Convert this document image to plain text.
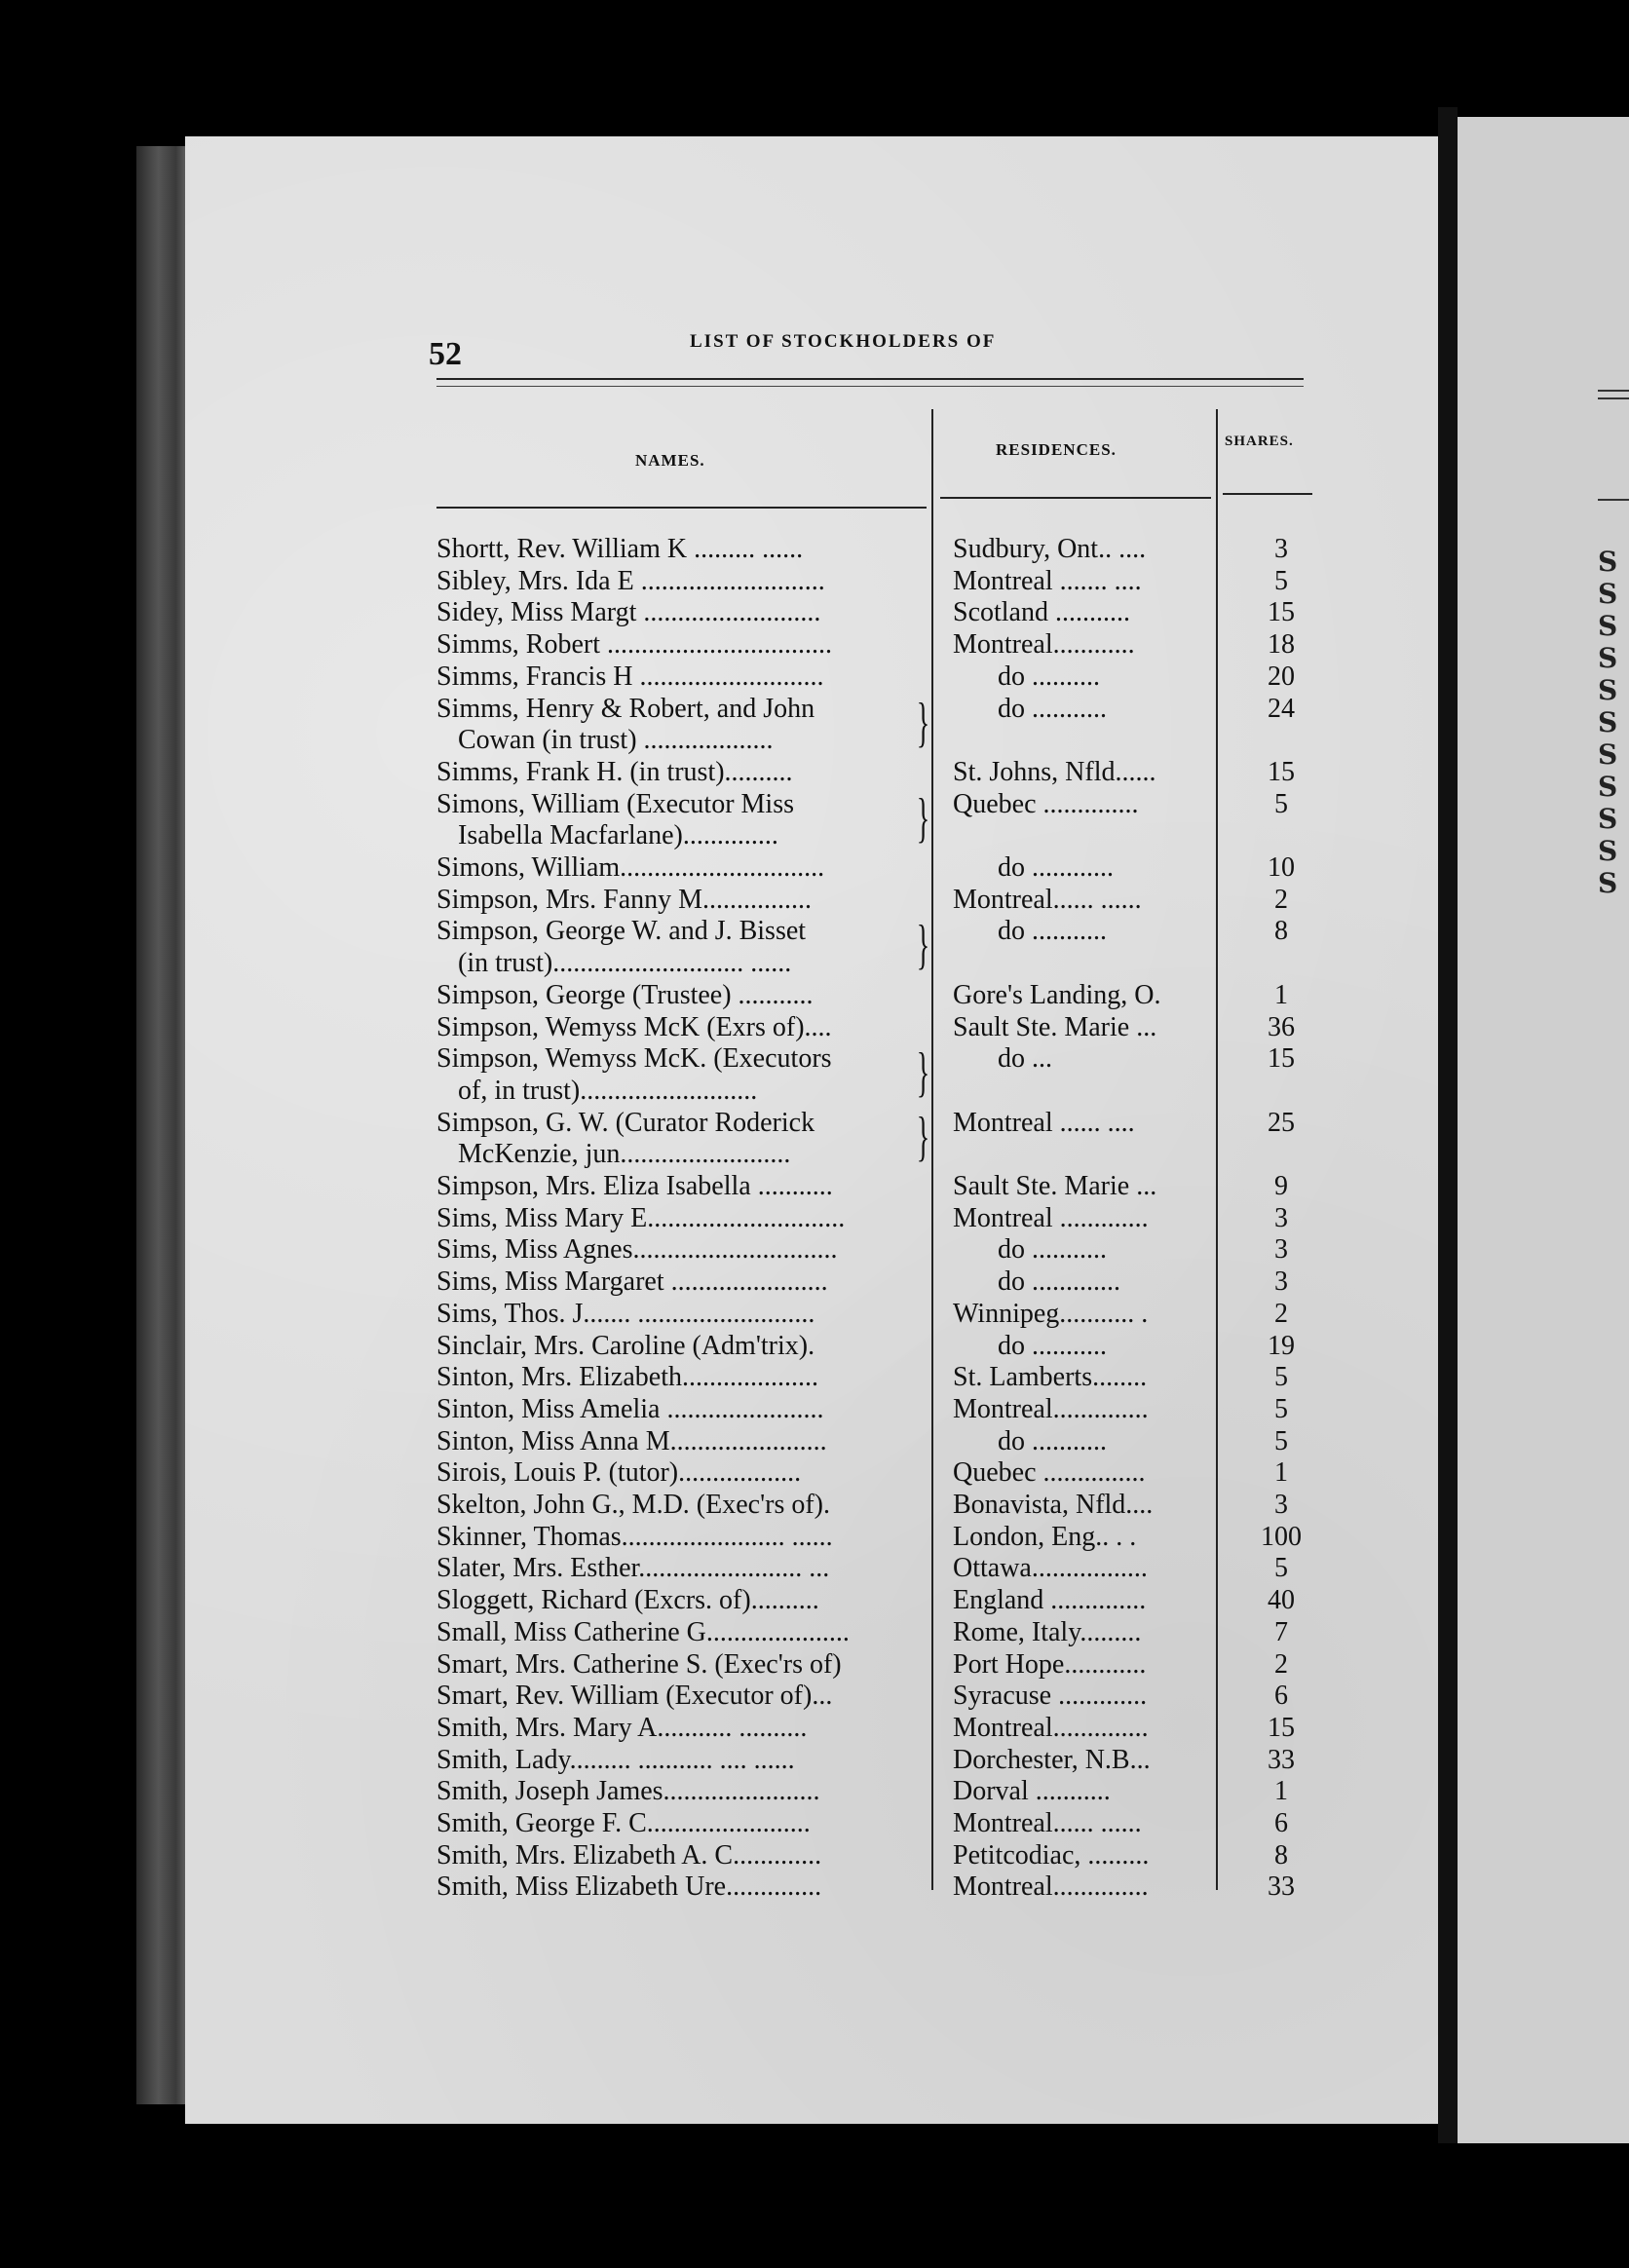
S
S
S
S
S
S
S
S
S
S
S
52	LIST OF STOCKHOLDERS OF
NAMES.
RESIDENCES.	SHARES.
Shortt, Rev. William K ......... ......	Sudbury, Ont.. ....	3
Sibley, Mrs. Ida E ...........................	Montreal ....... ....	5
Sidey, Miss Margt ..........................	Scotland ...........	15
Simms, Robert .................................	Montreal............	18
Simms, Francis H ...........................	do ..........	20
Simms, Henry & Robert, and John	do ...........	24
Cowan (in trust) ...................
Simms, Frank H. (in trust)..........	St. Johns, Nfld......	15
Simons, William (Executor Miss	Quebec ..............	5
Isabella Macfarlane)..............
Simons, William..............................	do ............	10
Simpson, Mrs. Fanny M................	Montreal...... ......	2
Simpson, George W. and J. Bisset	do ...........	8
(in trust)............................ ......
Simpson, George (Trustee) ...........	Gore's Landing, O.	1
Simpson, Wemyss McK (Exrs of)....	Sault Ste. Marie ...	36
Simpson, Wemyss McK. (Executors	do ...	15
of, in trust)..........................
Simpson, G. W. (Curator Roderick	Montreal ...... ....	25
McKenzie, jun.........................
Simpson, Mrs. Eliza Isabella ...........	Sault Ste. Marie ...	9
Sims, Miss Mary E.............................	Montreal .............	3
Sims, Miss Agnes..............................	do ...........	3
Sims, Miss Margaret .......................	do .............	3
Sims, Thos. J....... ..........................	Winnipeg........... .	2
Sinclair, Mrs. Caroline (Adm'trix).	do ...........	19
Sinton, Mrs. Elizabeth....................	St. Lamberts........	5
Sinton, Miss Amelia .......................	Montreal..............	5
Sinton, Miss Anna M.......................	do ...........	5
Sirois, Louis P. (tutor)..................	Quebec ...............	1
Skelton, John G., M.D. (Exec'rs of).	Bonavista, Nfld....	3
Skinner, Thomas........................ ......	London, Eng.. . .	100
Slater, Mrs. Esther........................ ...	Ottawa.................	5
Sloggett, Richard (Excrs. of)..........	England ..............	40
Small, Miss Catherine G.....................	Rome, Italy.........	7
Smart, Mrs. Catherine S. (Exec'rs of)	Port Hope............	2
Smart, Rev. William (Executor of)...	Syracuse .............	6
Smith, Mrs. Mary A........... ..........	Montreal..............	15
Smith, Lady......... ........... .... ......	Dorchester, N.B...	33
Smith, Joseph James.......................	Dorval ...........	1
Smith, George F. C........................	Montreal...... ......	6
Smith, Mrs. Elizabeth A. C.............	Petitcodiac, .........	8
Smith, Miss Elizabeth Ure..............	Montreal..............	33
}
}
}
}
}
